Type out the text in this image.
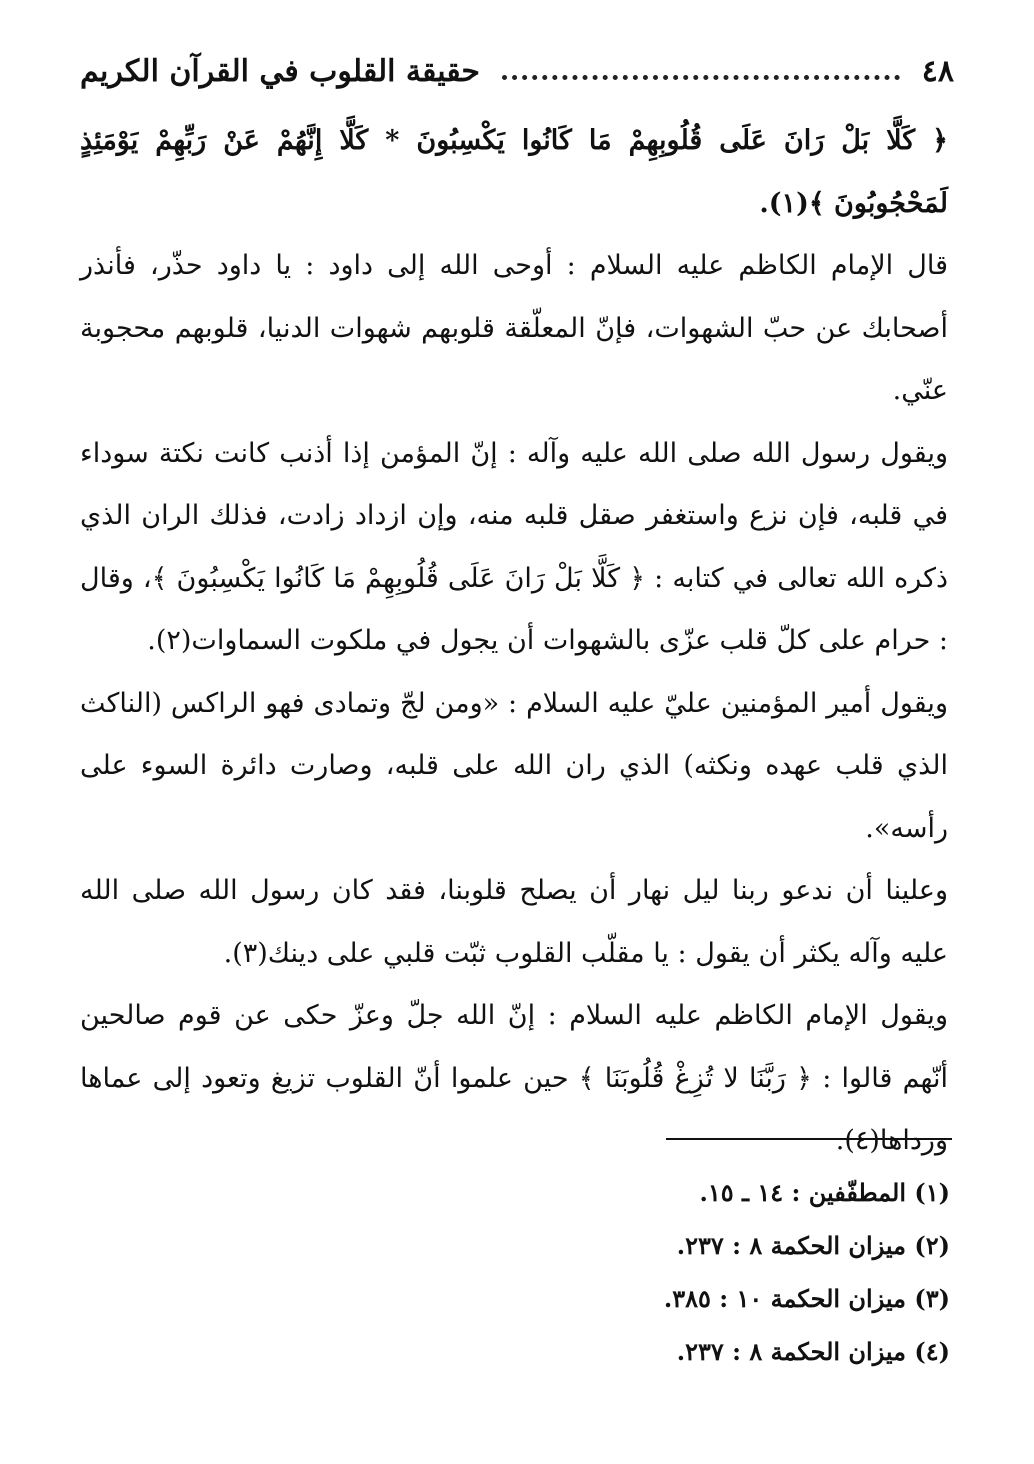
٤٨
حقيقة القلوب في القرآن الكريم

﴿ كَلَّا بَلْ رَانَ عَلَى قُلُوبِهِمْ مَا كَانُوا يَكْسِبُونَ * كَلَّا إِنَّهُمْ عَنْ رَبِّهِمْ يَوْمَئِذٍ لَمَحْجُوبُونَ ﴾(١).

قال الإمام الكاظم عليه السلام : أوحى الله إلى داود : يا داود حذّر، فأنذر أصحابك عن حبّ الشهوات، فإنّ المعلّقة قلوبهم شهوات الدنيا، قلوبهم محجوبة عنّي.

ويقول رسول الله صلى الله عليه وآله : إنّ المؤمن إذا أذنب كانت نكتة سوداء في قلبه، فإن نزع واستغفر صقل قلبه منه، وإن ازداد زادت، فذلك الران الذي ذكره الله تعالى في كتابه : ﴿ كَلَّا بَلْ رَانَ عَلَى قُلُوبِهِمْ مَا كَانُوا يَكْسِبُونَ ﴾، وقال : حرام على كلّ قلب عزّى بالشهوات أن يجول في ملكوت السماوات(٢).

ويقول أمير المؤمنين عليّ عليه السلام : «ومن لجّ وتمادى فهو الراكس (الناكث الذي قلب عهده ونكثه) الذي ران الله على قلبه، وصارت دائرة السوء على رأسه».

وعلينا أن ندعو ربنا ليل نهار أن يصلح قلوبنا، فقد كان رسول الله صلى الله عليه وآله يكثر أن يقول : يا مقلّب القلوب ثبّت قلبي على دينك(٣).

ويقول الإمام الكاظم عليه السلام : إنّ الله جلّ وعزّ حكى عن قوم صالحين أنّهم قالوا : ﴿ رَبَّنَا لا تُزِغْ قُلُوبَنَا ﴾ حين علموا أنّ القلوب تزيغ وتعود إلى عماها ورداها(٤).

(١) المطفّفين : ١٤ ـ ١٥.

(٢) ميزان الحكمة ٨ : ٢٣٧.

(٣) ميزان الحكمة ١٠ : ٣٨٥.

(٤) ميزان الحكمة ٨ : ٢٣٧.
